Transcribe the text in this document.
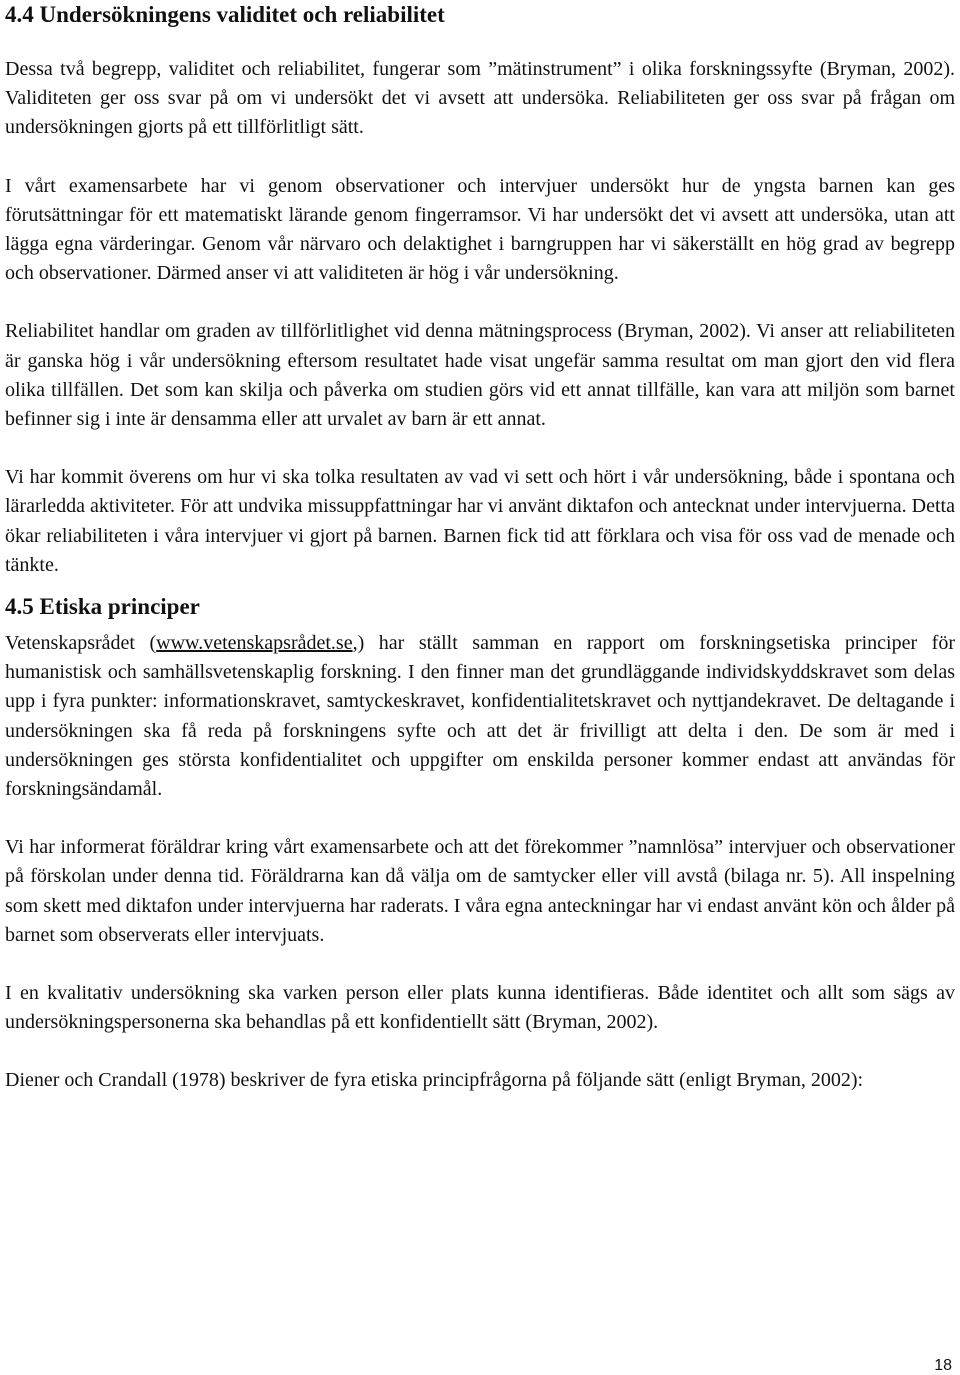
4.4 Undersökningens validitet och reliabilitet

Dessa två begrepp, validitet och reliabilitet, fungerar som ”mätinstrument” i olika forskningssyfte (Bryman, 2002). Validiteten ger oss svar på om vi undersökt det vi avsett att undersöka. Reliabiliteten ger oss svar på frågan om undersökningen gjorts på ett tillförlitligt sätt.

I vårt examensarbete har vi genom observationer och intervjuer undersökt hur de yngsta barnen kan ges förutsättningar för ett matematiskt lärande genom fingerramsor. Vi har undersökt det vi avsett att undersöka, utan att lägga egna värderingar. Genom vår närvaro och delaktighet i barngruppen har vi säkerställt en hög grad av begrepp och observationer. Därmed anser vi att validiteten är hög i vår undersökning.

Reliabilitet handlar om graden av tillförlitlighet vid denna mätningsprocess (Bryman, 2002). Vi anser att reliabiliteten är ganska hög i vår undersökning eftersom resultatet hade visat ungefär samma resultat om man gjort den vid flera olika tillfällen. Det som kan skilja och påverka om studien görs vid ett annat tillfälle, kan vara att miljön som barnet befinner sig i inte är densamma eller att urvalet av barn är ett annat.

Vi har kommit överens om hur vi ska tolka resultaten av vad vi sett och hört i vår undersökning, både i spontana och lärarledda aktiviteter. För att undvika missuppfattningar har vi använt diktafon och antecknat under intervjuerna. Detta ökar reliabiliteten i våra intervjuer vi gjort på barnen. Barnen fick tid att förklara och visa för oss vad de menade och tänkte.

4.5 Etiska principer

Vetenskapsrådet (www.vetenskapsrådet.se,) har ställt samman en rapport om forskningsetiska principer för humanistisk och samhällsvetenskaplig forskning. I den finner man det grundläggande individskyddskravet som delas upp i fyra punkter: informationskravet, samtyckeskravet, konfidentialitetskravet och nyttjandekravet. De deltagande i undersökningen ska få reda på forskningens syfte och att det är frivilligt att delta i den. De som är med i undersökningen ges största konfidentialitet och uppgifter om enskilda personer kommer endast att användas för forskningsändamål.

Vi har informerat föräldrar kring vårt examensarbete och att det förekommer ”namnlösa” intervjuer och observationer på förskolan under denna tid. Föräldrarna kan då välja om de samtycker eller vill avstå (bilaga nr. 5). All inspelning som skett med diktafon under intervjuerna har raderats. I våra egna anteckningar har vi endast använt kön och ålder på barnet som observerats eller intervjuats.

I en kvalitativ undersökning ska varken person eller plats kunna identifieras. Både identitet och allt som sägs av undersökningspersonerna ska behandlas på ett konfidentiellt sätt (Bryman, 2002).

Diener och Crandall (1978) beskriver de fyra etiska principfrågorna på följande sätt (enligt Bryman, 2002):

18
